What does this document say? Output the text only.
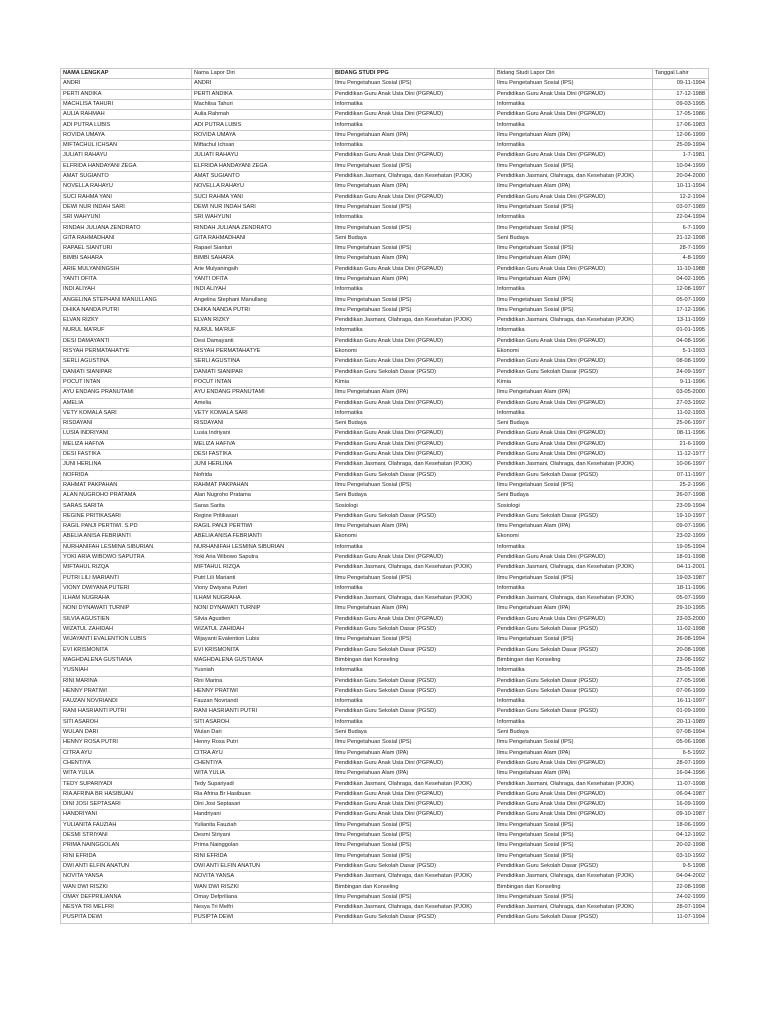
NAMA LENGKAP	Nama Lapor Diri	BIDANG STUDI PPG	Bidang Studi Lapor Diri	Tanggal Lahir
ANDRI	ANDRI	Ilmu Pengetahuan Sosial (IPS)	Ilmu Pengetahuan Sosial (IPS)	09-11-1994
PERTI ANDIKA	PERTI ANDIKA	Pendidikan Guru Anak Usia Dini (PGPAUD)	Pendidikan Guru Anak Usia Dini (PGPAUD)	17-12-1988
MACHLISA TAHURI	Machlisa Tahuri	Informatika	Informatika	09-03-1995
AULIA RAHMAH	Aulia Rahmah	Pendidikan Guru Anak Usia Dini (PGPAUD)	Pendidikan Guru Anak Usia Dini (PGPAUD)	17-05-1986
ADI PUTRA LUBIS	ADI PUTRA LUBIS	Informatika	Informatika	17-06-1983
ROVIDA UMAYA	ROVIDA UMAYA	Ilmu Pengetahuan Alam (IPA)	Ilmu Pengetahuan Alam (IPA)	12-06-1999
MIFTACHUL ICHSAN	Miftachul Ichsan	Informatika	Informatika	25-09-1994
JULIATI RAHAYU	JULIATI RAHAYU	Pendidikan Guru Anak Usia Dini (PGPAUD)	Pendidikan Guru Anak Usia Dini (PGPAUD)	1-7-1981
ELFRIDA HANDAYANI ZEGA	ELFRIDA HANDAYANI ZEGA	Ilmu Pengetahuan Sosial (IPS)	Ilmu Pengetahuan Sosial (IPS)	10-04-1999
AMAT SUGIANTO	AMAT SUGIANTO	Pendidikan Jasmani, Olahraga, dan Kesehatan (PJOK)	Pendidikan Jasmani, Olahraga, dan Kesehatan (PJOK)	20-04-2000
NOVELLA RAHAYU	NOVELLA RAHAYU	Ilmu Pengetahuan Alam (IPA)	Ilmu Pengetahuan Alam (IPA)	10-11-1994
SUCI RAHMA YANI	SUCI RAHMA YANI	Pendidikan Guru Anak Usia Dini (PGPAUD)	Pendidikan Guru Anak Usia Dini (PGPAUD)	12-2-1994
DEWI NUR INDAH SARI	DEWI NUR INDAH SARI	Ilmu Pengetahuan Sosial (IPS)	Ilmu Pengetahuan Sosial (IPS)	03-07-1989
SRI WAHYUNI	SRI WAHYUNI	Informatika	Informatika	22-04-1994
RINDAH JULIANA ZENDRATO	RINDAH JULIANA ZENDRATO	Ilmu Pengetahuan Sosial (IPS)	Ilmu Pengetahuan Sosial (IPS)	6-7-1999
GITA RAHMADHANI	GITA RAHMADHANI	Seni Budaya	Seni Budaya	21-12-1998
RAPAEL SIANTURI	Rapael Sianturi	Ilmu Pengetahuan Sosial (IPS)	Ilmu Pengetahuan Sosial (IPS)	28-7-1999
BIMBI SAHARA	BIMBI SAHARA	Ilmu Pengetahuan Alam (IPA)	Ilmu Pengetahuan Alam (IPA)	4-8-1999
ARIE MULYANINGSIH	Arie Mulyaningsih	Pendidikan Guru Anak Usia Dini (PGPAUD)	Pendidikan Guru Anak Usia Dini (PGPAUD)	11-10-1988
YANTI OFITA	YANTI OFITA	Ilmu Pengetahuan Alam (IPA)	Ilmu Pengetahuan Alam (IPA)	04-02-1995
INDI ALIYAH	INDI ALIYAH	Informatika	Informatika	12-08-1997
ANGELINA STEPHANI MANULLANG	Angelina Stephani Manullang	Ilmu Pengetahuan Sosial (IPS)	Ilmu Pengetahuan Sosial (IPS)	05-07-1999
DHIKA NANDA PUTRI	DHIKA NANDA PUTRI	Ilmu Pengetahuan Sosial (IPS)	Ilmu Pengetahuan Sosial (IPS)	17-12-1996
ELVAN RIZKY	ELVAN RIZKY	Pendidikan Jasmani, Olahraga, dan Kesehatan (PJOK)	Pendidikan Jasmani, Olahraga, dan Kesehatan (PJOK)	13-11-1999
NURUL MA'RUF	NURUL MA'RUF	Informatika	Informatika	01-01-1995
DESI DAMAYANTI	Desi Damayanti	Pendidikan Guru Anak Usia Dini (PGPAUD)	Pendidikan Guru Anak Usia Dini (PGPAUD)	04-08-1996
RISYAH PERMATAHATYE	RISYAH PERMATAHATYE	Ekonomi	Ekonomi	5-1-1993
SERLI AGUSTINA	SERLI AGUSTINA	Pendidikan Guru Anak Usia Dini (PGPAUD)	Pendidikan Guru Anak Usia Dini (PGPAUD)	08-08-1999
DANIATI SIANIPAR	DANIATI SIANIPAR	Pendidikan Guru Sekolah Dasar (PGSD)	Pendidikan Guru Sekolah Dasar (PGSD)	24-09-1997
POCUT INTAN	POCUT INTAN	Kimia	Kimia	9-11-1996
AYU ENDANG PRANUTAMI	AYU ENDANG PRANUTAMI	Ilmu Pengetahuan Alam (IPA)	Ilmu Pengetahuan Alam (IPA)	03-05-2000
AMELIA	Amelia	Pendidikan Guru Anak Usia Dini (PGPAUD)	Pendidikan Guru Anak Usia Dini (PGPAUD)	27-03-1992
VETY KOMALA SARI	VETY KOMALA SARI	Informatika	Informatika	11-02-1993
RISDAYANI	RISDAYANI	Seni Budaya	Seni Budaya	25-06-1997
LUSIA INDRIYANI	Lusia Indriyani	Pendidikan Guru Anak Usia Dini (PGPAUD)	Pendidikan Guru Anak Usia Dini (PGPAUD)	08-11-1996
MELIZA HAFIVA	MELIZA HAFIVA	Pendidikan Guru Anak Usia Dini (PGPAUD)	Pendidikan Guru Anak Usia Dini (PGPAUD)	21-6-1999
DESI FASTIKA	DESI FASTIKA	Pendidikan Guru Anak Usia Dini (PGPAUD)	Pendidikan Guru Anak Usia Dini (PGPAUD)	11-12-1977
JUNI HERLINA	JUNI HERLINA	Pendidikan Jasmani, Olahraga, dan Kesehatan (PJOK)	Pendidikan Jasmani, Olahraga, dan Kesehatan (PJOK)	10-06-1997
NOFRIDA	Nofrida	Pendidikan Guru Sekolah Dasar (PGSD)	Pendidikan Guru Sekolah Dasar (PGSD)	07-11-1997
RAHMAT PAKPAHAN	RAHMAT PAKPAHAN	Ilmu Pengetahuan Sosial (IPS)	Ilmu Pengetahuan Sosial (IPS)	25-2-1996
ALAN NUGROHO PRATAMA	Alan Nugroho Pratama	Seni Budaya	Seni Budaya	26-07-1998
SARAS SARITA	Saras Sarita	Sosiologi	Sosiologi	23-09-1994
REGINE PRITIKASARI	Regine Pritikasari	Pendidikan Guru Sekolah Dasar (PGSD)	Pendidikan Guru Sekolah Dasar (PGSD)	19-10-1997
RAGIL PANJI PERTIWI. S.PD	RAGIL PANJI PERTIWI	Ilmu Pengetahuan Alam (IPA)	Ilmu Pengetahuan Alam (IPA)	09-07-1996
ABELIA ANISA FEBRIANTI	ABELIA ANISA FEBRIANTI	Ekonomi	Ekonomi	23-02-1999
NURHANIFAH LESMINA SIBURIAN	NURHANIFAH LESMINA SIBURIAN	Informatika	Informatika	19-05-1994
YOKI ARIA WIBOWO SAPUTRA	Yoki Aria Wibowo Saputra	Pendidikan Guru Anak Usia Dini (PGPAUD)	Pendidikan Guru Anak Usia Dini (PGPAUD)	18-01-1998
MIFTAHUL RIZQA	MIFTAHUL RIZQA	Pendidikan Jasmani, Olahraga, dan Kesehatan (PJOK)	Pendidikan Jasmani, Olahraga, dan Kesehatan (PJOK)	04-11-2001
PUTRI LILI MARIANTI	Putri Lili Marianti	Ilmu Pengetahuan Sosial (IPS)	Ilmu Pengetahuan Sosial (IPS)	19-03-1987
VIONY DWIYANA PUTERI	Viony Dwiyana Puteri	Informatika	Informatika	18-11-1996
ILHAM NUGRAHA	ILHAM NUGRAHA	Pendidikan Jasmani, Olahraga, dan Kesehatan (PJOK)	Pendidikan Jasmani, Olahraga, dan Kesehatan (PJOK)	05-07-1999
NONI DYNAWATI TURNIP	NONI DYNAWATI TURNIP	Ilmu Pengetahuan Alam (IPA)	Ilmu Pengetahuan Alam (IPA)	29-10-1995
SILVIA AGUSTIEN	Silvia Agustien	Pendidikan Guru Anak Usia Dini (PGPAUD)	Pendidikan Guru Anak Usia Dini (PGPAUD)	23-03-2000
WIZATUL ZAHIDAH	WIZATUL ZAHIDAH	Pendidikan Guru Sekolah Dasar (PGSD)	Pendidikan Guru Sekolah Dasar (PGSD)	11-02-1998
WIJAYANTI EVALENTION LUBIS	Wijayanti Evalention Lubis	Ilmu Pengetahuan Sosial (IPS)	Ilmu Pengetahuan Sosial (IPS)	26-08-1994
EVI KRISMONITA	EVI KRISMONITA	Pendidikan Guru Sekolah Dasar (PGSD)	Pendidikan Guru Sekolah Dasar (PGSD)	20-08-1998
MAGHDALENA GUSTIANA	MAGHDALENA GUSTIANA	Bimbingan dan Konseling	Bimbingan dan Konseling	23-08-1992
YUSNIAH	Yusniah	Informatika	Informatika	25-05-1998
RINI MARINA	Rini Marina	Pendidikan Guru Sekolah Dasar (PGSD)	Pendidikan Guru Sekolah Dasar (PGSD)	27-05-1998
HENNY PRATIWI	HENNY PRATIWI	Pendidikan Guru Sekolah Dasar (PGSD)	Pendidikan Guru Sekolah Dasar (PGSD)	07-06-1999
FAUZAN NOVRIANDI	Fauzan Novriandi	Informatika	Informatika	16-11-1997
RANI HASRIANTI PUTRI	RANI HASRIANTI PUTRI	Pendidikan Guru Sekolah Dasar (PGSD)	Pendidikan Guru Sekolah Dasar (PGSD)	01-09-1999
SITI ASAROH	SITI ASAROH	Informatika	Informatika	20-11-1989
WULAN DARI	Wulan Dari	Seni Budaya	Seni Budaya	07-08-1994
HENNY ROSA PUTRI	Henny Rosa Putri	Ilmu Pengetahuan Sosial (IPS)	Ilmu Pengetahuan Sosial (IPS)	05-06-1998
CITRA AYU	CITRA AYU	Ilmu Pengetahuan Alam (IPA)	Ilmu Pengetahuan Alam (IPA)	6-5-1992
CHENTIYA	CHENTIYA	Pendidikan Guru Anak Usia Dini (PGPAUD)	Pendidikan Guru Anak Usia Dini (PGPAUD)	28-07-1999
WITA YULIA	WITA YULIA	Ilmu Pengetahuan Alam (IPA)	Ilmu Pengetahuan Alam (IPA)	16-04-1996
TEDY SUPARIYADI	Tedy Supariyadi	Pendidikan Jasmani, Olahraga, dan Kesehatan (PJOK)	Pendidikan Jasmani, Olahraga, dan Kesehatan (PJOK)	11-07-1998
RIA AFRINA BR HASIBUAN	Ria Afrina Br Hasibuan	Pendidikan Guru Anak Usia Dini (PGPAUD)	Pendidikan Guru Anak Usia Dini (PGPAUD)	06-04-1987
DINI JOSI SEPTASARI	Dini Josi Septasari	Pendidikan Guru Anak Usia Dini (PGPAUD)	Pendidikan Guru Anak Usia Dini (PGPAUD)	16-09-1999
HANDRIYANI	Handriyani	Pendidikan Guru Anak Usia Dini (PGPAUD)	Pendidikan Guru Anak Usia Dini (PGPAUD)	09-10-1987
YULIANITA FAUZIAH	Yulianita Fauziah	Ilmu Pengetahuan Sosial (IPS)	Ilmu Pengetahuan Sosial (IPS)	18-06-1999
DESMI STRIYANI	Desmi Striyani	Ilmu Pengetahuan Sosial (IPS)	Ilmu Pengetahuan Sosial (IPS)	04-12-1992
PRIMA NAINGGOLAN	Prima Nainggolan	Ilmu Pengetahuan Sosial (IPS)	Ilmu Pengetahuan Sosial (IPS)	20-02-1998
RINI EFRIDA	RINI EFRIDA	Ilmu Pengetahuan Sosial (IPS)	Ilmu Pengetahuan Sosial (IPS)	03-10-1992
DWI ANTI ELFIN ANATUN	DWI ANTI ELFIN ANATUN	Pendidikan Guru Sekolah Dasar (PGSD)	Pendidikan Guru Sekolah Dasar (PGSD)	9-5-1998
NOVITA YANSA	NOVITA YANSA	Pendidikan Jasmani, Olahraga, dan Kesehatan (PJOK)	Pendidikan Jasmani, Olahraga, dan Kesehatan (PJOK)	04-04-2002
WAN DWI RISZKI	WAN DWI RISZKI	Bimbingan dan Konseling	Bimbingan dan Konseling	22-08-1998
OMAY DEFPRILIANNA	Omay Defpriliana	Ilmu Pengetahuan Sosial (IPS)	Ilmu Pengetahuan Sosial (IPS)	24-02-1999
NESYA TRI MELFRI	Nesya Tri Melfri	Pendidikan Jasmani, Olahraga, dan Kesehatan (PJOK)	Pendidikan Jasmani, Olahraga, dan Kesehatan (PJOK)	28-07-1994
PUSPITA DEWI	PUSIPTA DEWI	Pendidikan Guru Sekolah Dasar (PGSD)	Pendidikan Guru Sekolah Dasar (PGSD)	11-07-1994
